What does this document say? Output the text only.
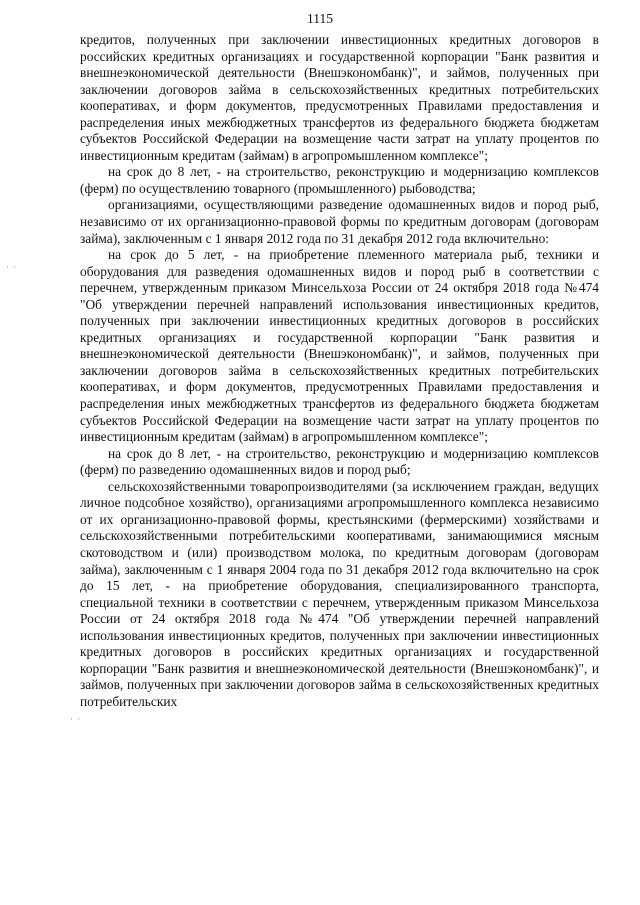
1115
· ·
· ·

кредитов, полученных при заключении инвестиционных кредитных договоров в российских кредитных организациях и государственной корпорации "Банк развития и внешнеэкономической деятельности (Внешэкономбанк)", и займов, полученных при заключении договоров займа в сельскохозяйственных кредитных потребительских кооперативах, и форм документов, предусмотренных Правилами предоставления и распределения иных межбюджетных трансфертов из федерального бюджета бюджетам субъектов Российской Федерации на возмещение части затрат на уплату процентов по инвестиционным кредитам (займам) в агропромышленном комплексе";

на срок до 8 лет, - на строительство, реконструкцию и модернизацию комплексов (ферм) по осуществлению товарного (промышленного) рыбоводства;

организациями, осуществляющими разведение одомашненных видов и пород рыб, независимо от их организационно-правовой формы по кредитным договорам (договорам займа), заключенным с 1 января 2012 года по 31 декабря 2012 года включительно:

на срок до 5 лет, - на приобретение племенного материала рыб, техники и оборудования для разведения одомашненных видов и пород рыб в соответствии с перечнем, утвержденным приказом Минсельхоза России от 24 октября 2018 года №474 "Об утверждении перечней направлений использования инвестиционных кредитов, полученных при заключении инвестиционных кредитных договоров в российских кредитных организациях и государственной корпорации "Банк развития и внешнеэкономической деятельности (Внешэкономбанк)", и займов, полученных при заключении договоров займа в сельскохозяйственных кредитных потребительских кооперативах, и форм документов, предусмотренных Правилами предоставления и распределения иных межбюджетных трансфертов из федерального бюджета бюджетам субъектов Российской Федерации на возмещение части затрат на уплату процентов по инвестиционным кредитам (займам) в агропромышленном комплексе";

на срок до 8 лет, - на строительство, реконструкцию и модернизацию комплексов (ферм) по разведению одомашненных видов и пород рыб;

сельскохозяйственными товаропроизводителями (за исключением граждан, ведущих личное подсобное хозяйство), организациями агропромышленного комплекса независимо от их организационно-правовой формы, крестьянскими (фермерскими) хозяйствами и сельскохозяйственными потребительскими кооперативами, занимающимися мясным скотоводством и (или) производством молока, по кредитным договорам (договорам займа), заключенным с 1 января 2004 года по 31 декабря 2012 года включительно на срок до 15 лет, - на приобретение оборудования, специализированного транспорта, специальной техники в соответствии с перечнем, утвержденным приказом Минсельхоза России от 24 октября 2018 года №474 "Об утверждении перечней направлений использования инвестиционных кредитов, полученных при заключении инвестиционных кредитных договоров в российских кредитных организациях и государственной корпорации "Банк развития и внешнеэкономической деятельности (Внешэкономбанк)", и займов, полученных при заключении договоров займа в сельскохозяйственных кредитных потребительских
